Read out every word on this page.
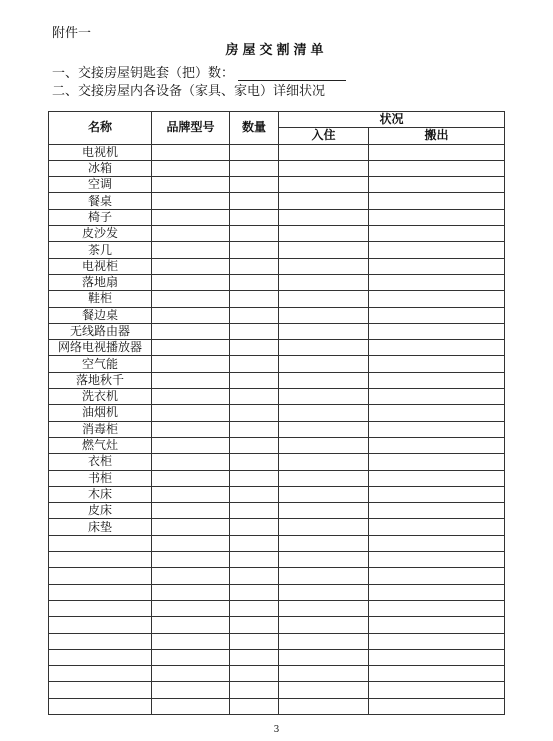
附件一
房屋交割清单
一、交接房屋钥匙套（把）数：
二、交接房屋内各设备（家具、家电）详细状况
名称	品牌型号	数量	状况	
			入住	搬出
电视机				
冰箱				
空调				
餐桌				
椅子				
皮沙发				
茶几				
电视柜				
落地扇				
鞋柜				
餐边桌				
无线路由器				
网络电视播放器				
空气能				
落地秋千				
洗衣机				
油烟机				
消毒柜				
燃气灶				
衣柜				
书柜				
木床				
皮床				
床垫				

3
